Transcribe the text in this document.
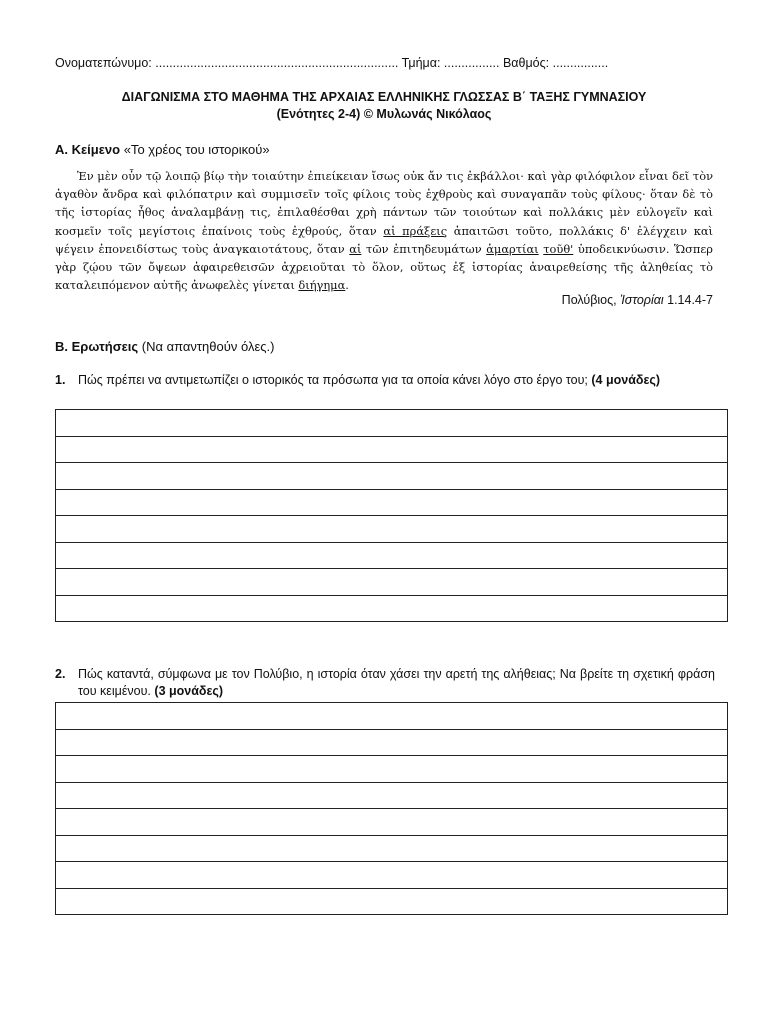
Ονοματεπώνυμο: ...................................................................... Τμήμα: ................ Βαθμός: ................
ΔΙΑΓΩΝΙΣΜΑ ΣΤΟ ΜΑΘΗΜΑ ΤΗΣ ΑΡΧΑΙΑΣ ΕΛΛΗΝΙΚΗΣ ΓΛΩΣΣΑΣ Β΄ ΤΑΞΗΣ ΓΥΜΝΑΣΙΟΥ
(Ενότητες 2-4) © Μυλωνάς Νικόλαος
Α. Κείμενο «Το χρέος του ιστορικού»
Ἐν μὲν οὖν τῷ λοιπῷ βίῳ τὴν τοιαύτην ἐπιείκειαν ἴσως οὐκ ἄν τις ἐκβάλλοι· καὶ γὰρ φιλόφιλον εἶναι δεῖ τὸν ἀγαθὸν ἄνδρα καὶ φιλόπατριν καὶ συμμισεῖν τοῖς φίλοις τοὺς ἐχθροὺς καὶ συναγαπᾶν τοὺς φίλους· ὅταν δὲ τὸ τῆς ἱστορίας ἦθος ἀναλαμβάνῃ τις, ἐπιλαθέσθαι χρὴ πάντων τῶν τοιούτων καὶ πολλάκις μὲν εὐλογεῖν καὶ κοσμεῖν τοῖς μεγίστοις ἐπαίνοις τοὺς ἐχθρούς, ὅταν αἱ πράξεις ἀπαιτῶσι τοῦτο, πολλάκις δ' ἐλέγχειν καὶ ψέγειν ἐπονειδίστως τοὺς ἀναγκαιοτάτους, ὅταν αἱ τῶν ἐπιτηδευμάτων ἁμαρτίαι τοῦθ' ὑποδεικνύωσιν. Ὥσπερ γὰρ ζῴου τῶν ὄψεων ἀφαιρεθεισῶν ἀχρειοῦται τὸ ὅλον, οὕτως ἐξ ἱστορίας ἀναιρεθείσης τῆς ἀληθείας τὸ καταλειπόμενον αὐτῆς ἀνωφελὲς γίνεται διήγημα.
Πολύβιος, Ἱστορίαι 1.14.4-7
Β. Ερωτήσεις (Να απαντηθούν όλες.)
1. Πώς πρέπει να αντιμετωπίζει ο ιστορικός τα πρόσωπα για τα οποία κάνει λόγο στο έργο του; (4 μονάδες)
2. Πώς καταντά, σύμφωνα με τον Πολύβιο, η ιστορία όταν χάσει την αρετή της αλήθειας; Να βρείτε τη σχετική φράση του κειμένου. (3 μονάδες)
